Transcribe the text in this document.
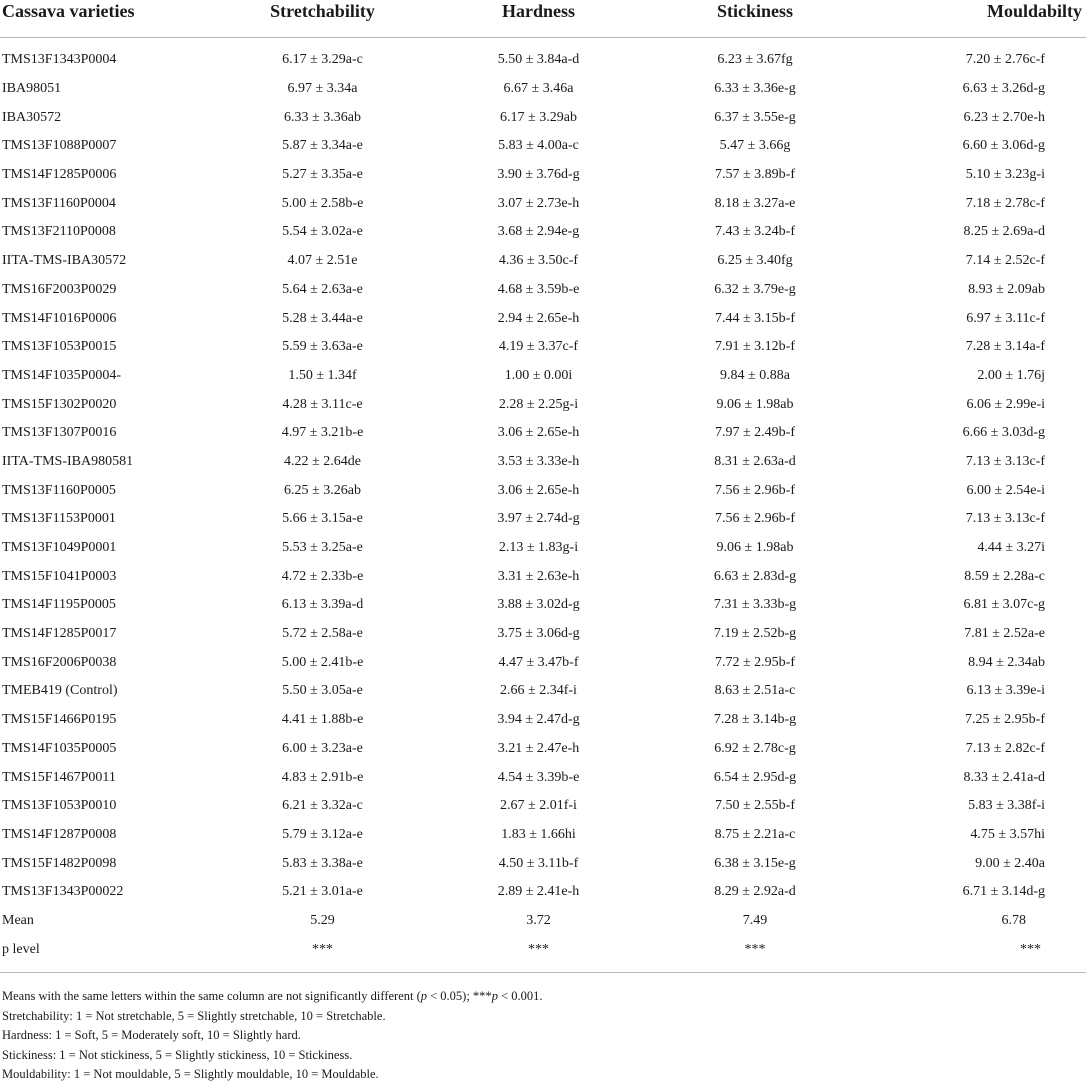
Cassava varieties	Stretchability	Hardness	Stickiness	Mouldabilty

TMS13F1343P0004	6.17 ± 3.29a-c	5.50 ± 3.84a-d	6.23 ± 3.67fg	7.20 ± 2.76c-f
IBA98051	6.97 ± 3.34a	6.67 ± 3.46a	6.33 ± 3.36e-g	6.63 ± 3.26d-g
IBA30572	6.33 ± 3.36ab	6.17 ± 3.29ab	6.37 ± 3.55e-g	6.23 ± 2.70e-h
TMS13F1088P0007	5.87 ± 3.34a-e	5.83 ± 4.00a-c	5.47 ± 3.66g	6.60 ± 3.06d-g
TMS14F1285P0006	5.27 ± 3.35a-e	3.90 ± 3.76d-g	7.57 ± 3.89b-f	5.10 ± 3.23g-i
TMS13F1160P0004	5.00 ± 2.58b-e	3.07 ± 2.73e-h	8.18 ± 3.27a-e	7.18 ± 2.78c-f
TMS13F2110P0008	5.54 ± 3.02a-e	3.68 ± 2.94e-g	7.43 ± 3.24b-f	8.25 ± 2.69a-d
IITA-TMS-IBA30572	4.07 ± 2.51e	4.36 ± 3.50c-f	6.25 ± 3.40fg	7.14 ± 2.52c-f
TMS16F2003P0029	5.64 ± 2.63a-e	4.68 ± 3.59b-e	6.32 ± 3.79e-g	8.93 ± 2.09ab
TMS14F1016P0006	5.28 ± 3.44a-e	2.94 ± 2.65e-h	7.44 ± 3.15b-f	6.97 ± 3.11c-f
TMS13F1053P0015	5.59 ± 3.63a-e	4.19 ± 3.37c-f	7.91 ± 3.12b-f	7.28 ± 3.14a-f
TMS14F1035P0004-	1.50 ± 1.34f	1.00 ± 0.00i	9.84 ± 0.88a	2.00 ± 1.76j
TMS15F1302P0020	4.28 ± 3.11c-e	2.28 ± 2.25g-i	9.06 ± 1.98ab	6.06 ± 2.99e-i
TMS13F1307P0016	4.97 ± 3.21b-e	3.06 ± 2.65e-h	7.97 ± 2.49b-f	6.66 ± 3.03d-g
IITA-TMS-IBA980581	4.22 ± 2.64de	3.53 ± 3.33e-h	8.31 ± 2.63a-d	7.13 ± 3.13c-f
TMS13F1160P0005	6.25 ± 3.26ab	3.06 ± 2.65e-h	7.56 ± 2.96b-f	6.00 ± 2.54e-i
TMS13F1153P0001	5.66 ± 3.15a-e	3.97 ± 2.74d-g	7.56 ± 2.96b-f	7.13 ± 3.13c-f
TMS13F1049P0001	5.53 ± 3.25a-e	2.13 ± 1.83g-i	9.06 ± 1.98ab	4.44 ± 3.27i
TMS15F1041P0003	4.72 ± 2.33b-e	3.31 ± 2.63e-h	6.63 ± 2.83d-g	8.59 ± 2.28a-c
TMS14F1195P0005	6.13 ± 3.39a-d	3.88 ± 3.02d-g	7.31 ± 3.33b-g	6.81 ± 3.07c-g
TMS14F1285P0017	5.72 ± 2.58a-e	3.75 ± 3.06d-g	7.19 ± 2.52b-g	7.81 ± 2.52a-e
TMS16F2006P0038	5.00 ± 2.41b-e	4.47 ± 3.47b-f	7.72 ± 2.95b-f	8.94 ± 2.34ab
TMEB419 (Control)	5.50 ± 3.05a-e	2.66 ± 2.34f-i	8.63 ± 2.51a-c	6.13 ± 3.39e-i
TMS15F1466P0195	4.41 ± 1.88b-e	3.94 ± 2.47d-g	7.28 ± 3.14b-g	7.25 ± 2.95b-f
TMS14F1035P0005	6.00 ± 3.23a-e	3.21 ± 2.47e-h	6.92 ± 2.78c-g	7.13 ± 2.82c-f
TMS15F1467P0011	4.83 ± 2.91b-e	4.54 ± 3.39b-e	6.54 ± 2.95d-g	8.33 ± 2.41a-d
TMS13F1053P0010	6.21 ± 3.32a-c	2.67 ± 2.01f-i	7.50 ± 2.55b-f	5.83 ± 3.38f-i
TMS14F1287P0008	5.79 ± 3.12a-e	1.83 ± 1.66hi	8.75 ± 2.21a-c	4.75 ± 3.57hi
TMS15F1482P0098	5.83 ± 3.38a-e	4.50 ± 3.11b-f	6.38 ± 3.15e-g	9.00 ± 2.40a
TMS13F1343P00022	5.21 ± 3.01a-e	2.89 ± 2.41e-h	8.29 ± 2.92a-d	6.71 ± 3.14d-g
Mean	5.29	3.72	7.49	6.78
p level	***	***	***	***

Means with the same letters within the same column are not significantly different (p < 0.05); ***p < 0.001.

Stretchability: 1 = Not stretchable, 5 = Slightly stretchable, 10 = Stretchable.

Hardness: 1 = Soft, 5 = Moderately soft, 10 = Slightly hard.

Stickiness: 1 = Not stickiness, 5 = Slightly stickiness, 10 = Stickiness.

Mouldability: 1 = Not mouldable, 5 = Slightly mouldable, 10 = Mouldable.
